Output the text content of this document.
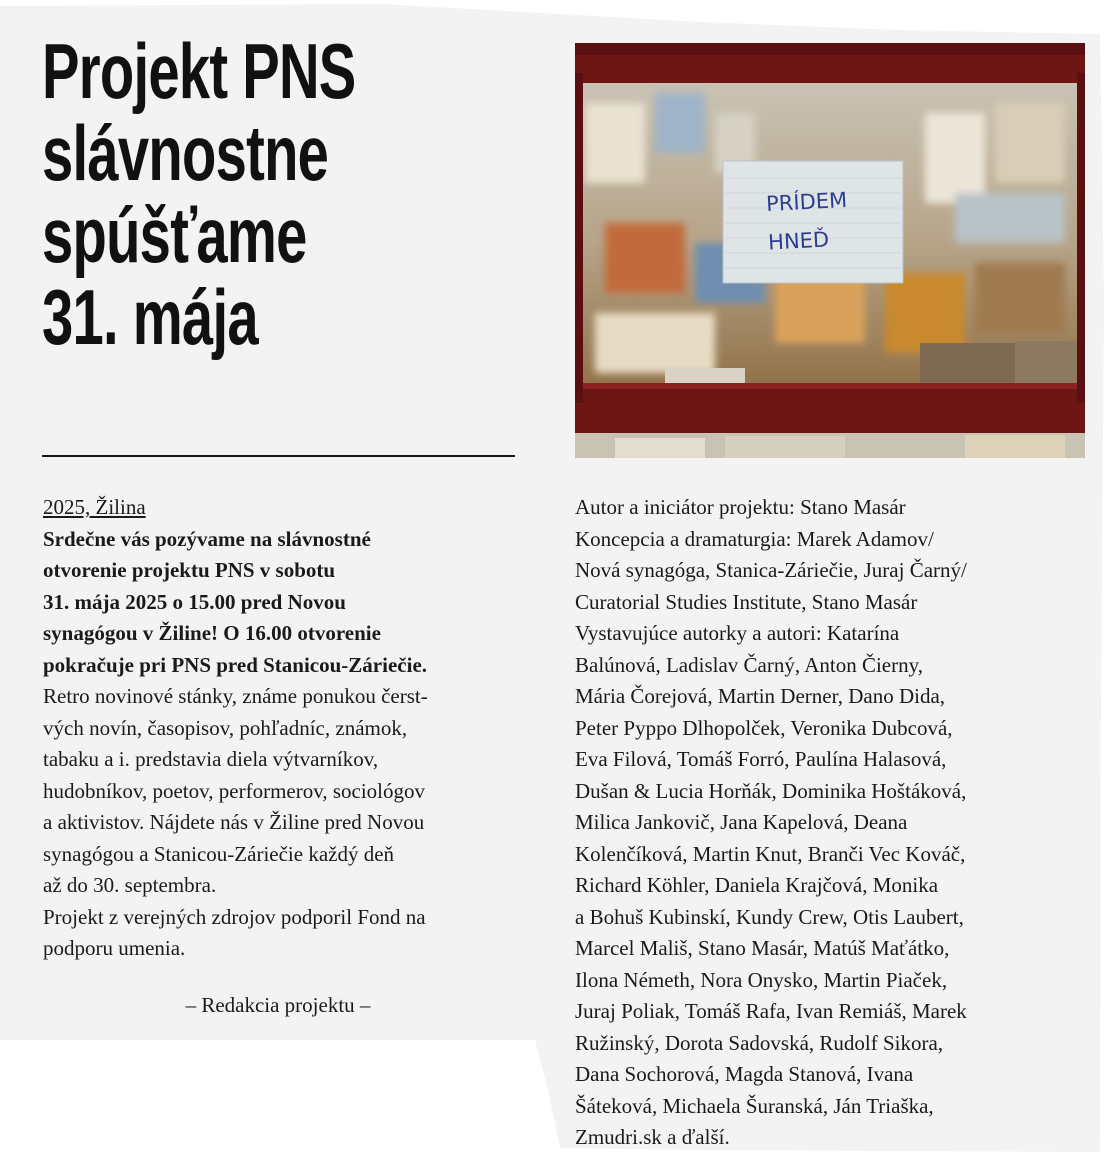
Projekt PNS
slávnostne
spúšťame
31. mája
PRÍDEM
HNEĎ

2025, Žilina

Srdečne vás pozývame na slávnostné
otvorenie projektu PNS v sobotu
31. mája 2025 o 15.00 pred Novou
synagógou v Žiline! O 16.00 otvorenie
pokračuje pri PNS pred Stanicou-Záriečie.

Retro novinové stánky, známe ponukou čerst-
vých novín, časopisov, pohľadníc, známok,
tabaku a i. predstavia diela výtvarníkov,
hudobníkov, poetov, performerov, sociológov
a aktivistov. Nájdete nás v Žiline pred Novou
synagógou a Stanicou-Záriečie každý deň
až do 30. septembra.
Projekt z verejných zdrojov podporil Fond na
podporu umenia.

– Redakcia projektu –

Autor a iniciátor projektu: Stano Masár
Koncepcia a dramaturgia: Marek Adamov/
Nová synagóga, Stanica-Záriečie, Juraj Čarný/
Curatorial Studies Institute, Stano Masár
Vystavujúce autorky a autori: Katarína
Balúnová, Ladislav Čarný, Anton Čierny,
Mária Čorejová, Martin Derner, Dano Dida,
Peter Pyppo Dlhopolček, Veronika Dubcová,
Eva Filová, Tomáš Forró, Paulína Halasová,
Dušan & Lucia Horňák, Dominika Hoštáková,
Milica Jankovič, Jana Kapelová, Deana
Kolenčíková, Martin Knut, Branči Vec Kováč,
Richard Köhler, Daniela Krajčová, Monika
a Bohuš Kubinskí, Kundy Crew, Otis Laubert,
Marcel Mališ, Stano Masár, Matúš Maťátko,
Ilona Németh, Nora Onysko, Martin Piaček,
Juraj Poliak, Tomáš Rafa, Ivan Remiáš, Marek
Ružinský, Dorota Sadovská, Rudolf Sikora,
Dana Sochorová, Magda Stanová, Ivana
Šáteková, Michaela Šuranská, Ján Triaška,
Zmudri.sk a ďalší.
